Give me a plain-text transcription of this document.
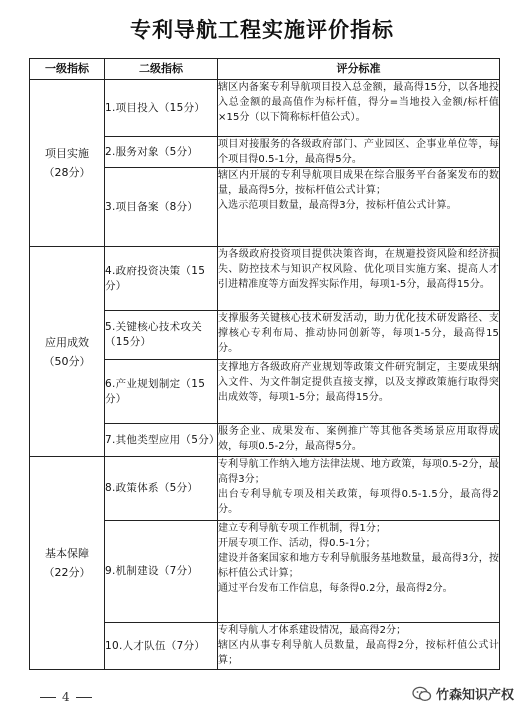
专利导航工程实施评价指标
一级指标	二级指标	评分标准

项目实施
（28分）	1.项目投入（15分）	辖区内备案专利导航项目投入总金额，最高得15分，以各地投入总金额的最高值作为标杆值，得分=当地投入金额/标杆值×15分（以下简称标杆值公式）。

	2.服务对象（5分）	项目对接服务的各级政府部门、产业园区、企事业单位等，每个项目得0.5-1分，最高得5分。

	3.项目备案（8分）	辖区内开展的专利导航项目成果在综合服务平台备案发布的数量，最高得5分，按标杆值公式计算；
入选示范项目数量，最高得3分，按标杆值公式计算。

应用成效
（50分）	4.政府投资决策（15分）	为各级政府投资项目提供决策咨询，在规避投资风险和经济损失、防控技术与知识产权风险、优化项目实施方案、提高人才引进精准度等方面发挥实际作用，每项1-5分，最高得15分。

	5.关键核心技术攻关（15分）	支撑服务关键核心技术研发活动，助力优化技术研发路径、支撑核心专利布局、推动协同创新等，每项1-5分，最高得15分。

	6.产业规划制定（15分）	支撑地方各级政府产业规划等政策文件研究制定，主要成果纳入文件、为文件制定提供直接支撑，以及支撑政策施行取得突出成效等，每项1-5分；最高得15分。

	7.其他类型应用（5分）	服务企业、成果发布、案例推广等其他各类场景应用取得成效，每项0.5-2分，最高得5分。

基本保障
（22分）	8.政策体系（5分）	专利导航工作纳入地方法律法规、地方政策，每项0.5-2分，最高得3分；
出台专利导航专项及相关政策，每项得0.5-1.5分，最高得2分。

	9.机制建设（7分）	建立专利导航专项工作机制，得1分；
开展专项工作、活动，得0.5-1分；
建设并备案国家和地方专利导航服务基地数量，最高得3分，按标杆值公式计算；
通过平台发布工作信息，每条得0.2分，最高得2分。

	10.人才队伍（7分）	专利导航人才体系建设情况，最高得2分；
辖区内从事专利导航人员数量，最高得2分，按标杆值公式计算；
4	竹森知识产权
